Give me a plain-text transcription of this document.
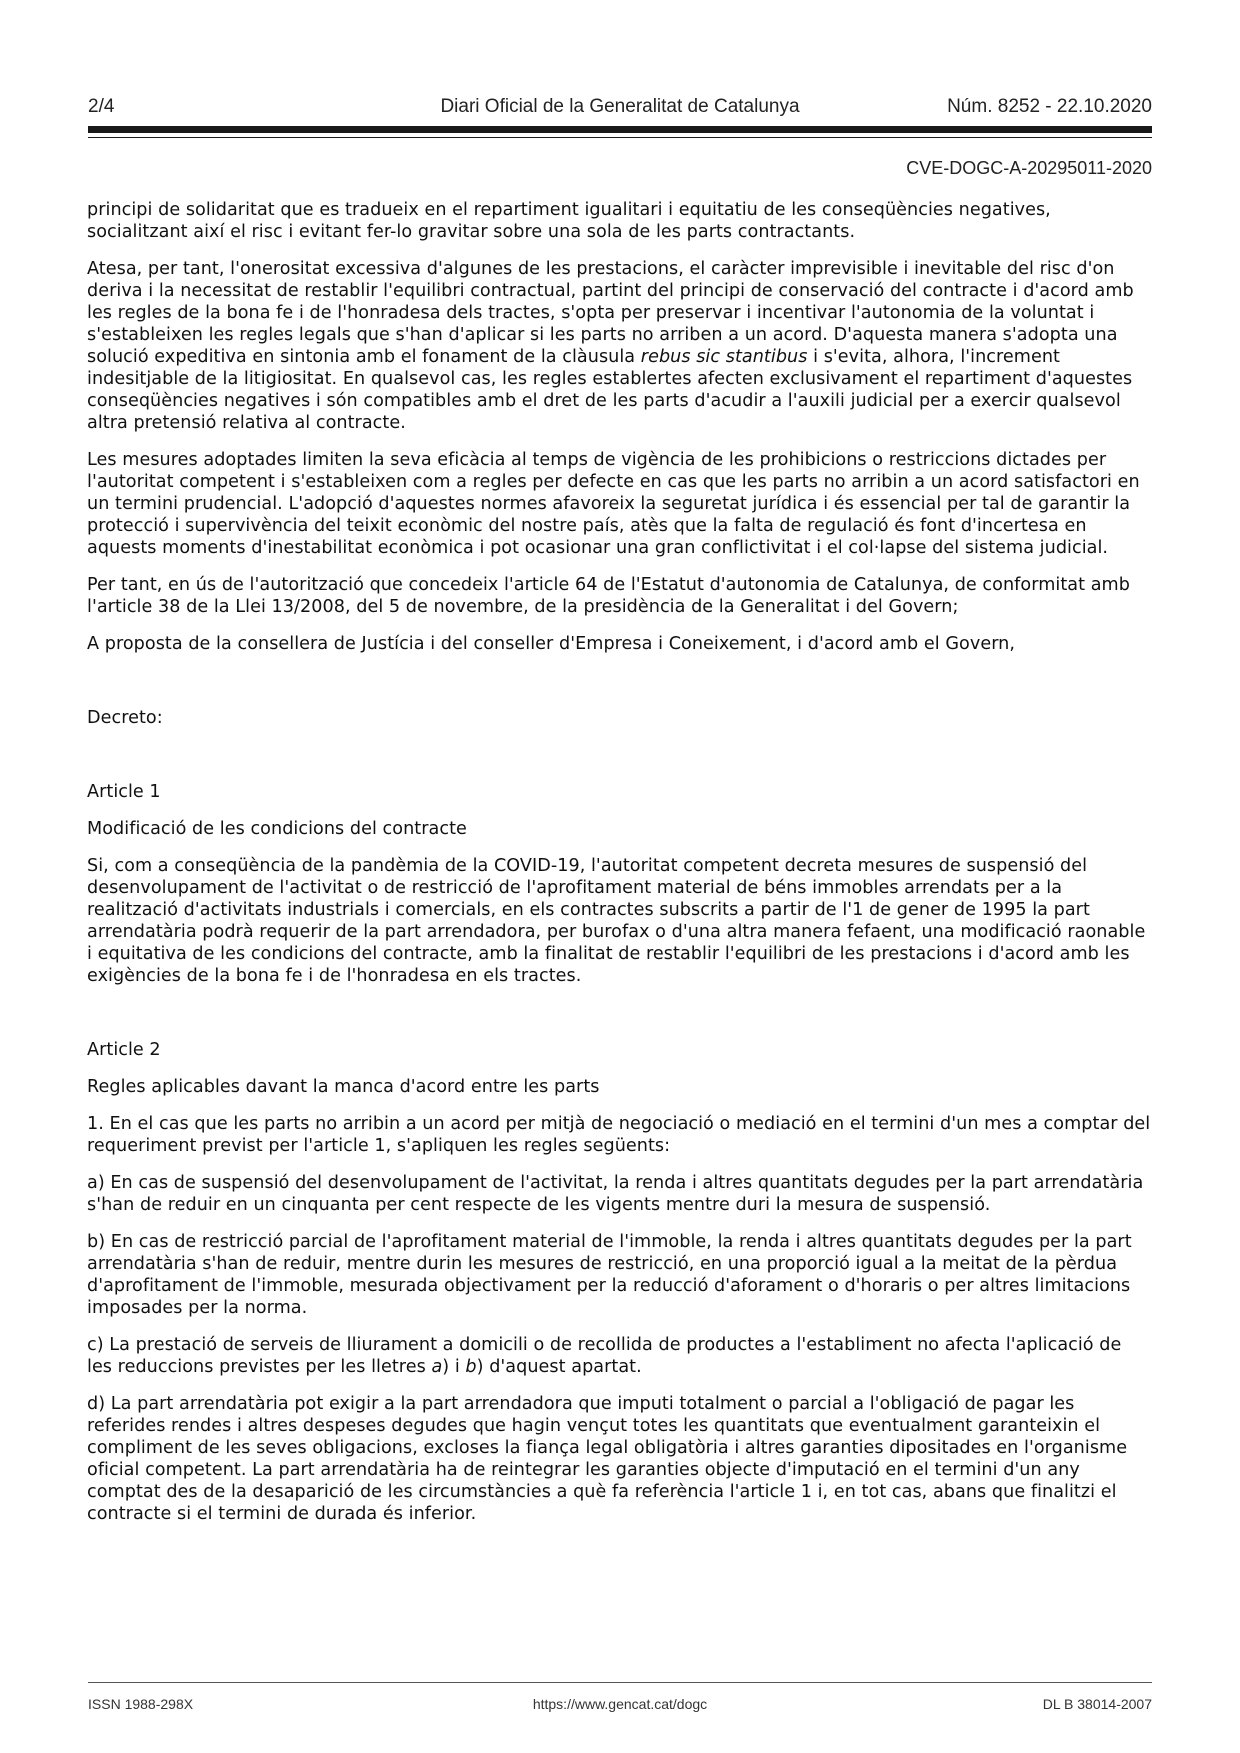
2/4	Diari Oficial de la Generalitat de Catalunya	Núm. 8252 - 22.10.2020
CVE-DOGC-A-20295011-2020

principi de solidaritat que es tradueix en el repartiment igualitari i equitatiu de les conseqüències negatives, socialitzant així el risc i evitant fer-lo gravitar sobre una sola de les parts contractants.

Atesa, per tant, l'onerositat excessiva d'algunes de les prestacions, el caràcter imprevisible i inevitable del risc d'on deriva i la necessitat de restablir l'equilibri contractual, partint del principi de conservació del contracte i d'acord amb les regles de la bona fe i de l'honradesa dels tractes, s'opta per preservar i incentivar l'autonomia de la voluntat i s'estableixen les regles legals que s'han d'aplicar si les parts no arriben a un acord. D'aquesta manera s'adopta una solució expeditiva en sintonia amb el fonament de la clàusula rebus sic stantibus i s'evita, alhora, l'increment indesitjable de la litigiositat. En qualsevol cas, les regles establertes afecten exclusivament el repartiment d'aquestes conseqüències negatives i són compatibles amb el dret de les parts d'acudir a l'auxili judicial per a exercir qualsevol altra pretensió relativa al contracte.

Les mesures adoptades limiten la seva eficàcia al temps de vigència de les prohibicions o restriccions dictades per l'autoritat competent i s'estableixen com a regles per defecte en cas que les parts no arribin a un acord satisfactori en un termini prudencial. L'adopció d'aquestes normes afavoreix la seguretat jurídica i és essencial per tal de garantir la protecció i supervivència del teixit econòmic del nostre país, atès que la falta de regulació és font d'incertesa en aquests moments d'inestabilitat econòmica i pot ocasionar una gran conflictivitat i el col·lapse del sistema judicial.

Per tant, en ús de l'autorització que concedeix l'article 64 de l'Estatut d'autonomia de Catalunya, de conformitat amb l'article 38 de la Llei 13/2008, del 5 de novembre, de la presidència de la Generalitat i del Govern;

A proposta de la consellera de Justícia i del conseller d'Empresa i Coneixement, i d'acord amb el Govern,

Decreto:

Article 1

Modificació de les condicions del contracte

Si, com a conseqüència de la pandèmia de la COVID-19, l'autoritat competent decreta mesures de suspensió del desenvolupament de l'activitat o de restricció de l'aprofitament material de béns immobles arrendats per a la realització d'activitats industrials i comercials, en els contractes subscrits a partir de l'1 de gener de 1995 la part arrendatària podrà requerir de la part arrendadora, per burofax o d'una altra manera fefaent, una modificació raonable i equitativa de les condicions del contracte, amb la finalitat de restablir l'equilibri de les prestacions i d'acord amb les exigències de la bona fe i de l'honradesa en els tractes.

Article 2

Regles aplicables davant la manca d'acord entre les parts

1. En el cas que les parts no arribin a un acord per mitjà de negociació o mediació en el termini d'un mes a comptar del requeriment previst per l'article 1, s'apliquen les regles següents:

a) En cas de suspensió del desenvolupament de l'activitat, la renda i altres quantitats degudes per la part arrendatària s'han de reduir en un cinquanta per cent respecte de les vigents mentre duri la mesura de suspensió.

b) En cas de restricció parcial de l'aprofitament material de l'immoble, la renda i altres quantitats degudes per la part arrendatària s'han de reduir, mentre durin les mesures de restricció, en una proporció igual a la meitat de la pèrdua d'aprofitament de l'immoble, mesurada objectivament per la reducció d'aforament o d'horaris o per altres limitacions imposades per la norma.

c) La prestació de serveis de lliurament a domicili o de recollida de productes a l'establiment no afecta l'aplicació de les reduccions previstes per les lletres a) i b) d'aquest apartat.

d) La part arrendatària pot exigir a la part arrendadora que imputi totalment o parcial a l'obligació de pagar les referides rendes i altres despeses degudes que hagin vençut totes les quantitats que eventualment garanteixin el compliment de les seves obligacions, excloses la fiança legal obligatòria i altres garanties dipositades en l'organisme oficial competent. La part arrendatària ha de reintegrar les garanties objecte d'imputació en el termini d'un any comptat des de la desaparició de les circumstàncies a què fa referència l'article 1 i, en tot cas, abans que finalitzi el contracte si el termini de durada és inferior.

ISSN 1988-298X	https://www.gencat.cat/dogc	DL B 38014-2007
